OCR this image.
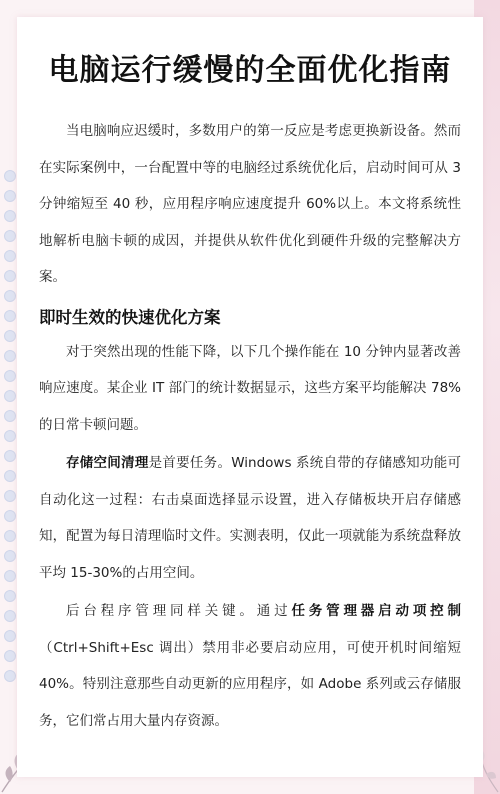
电脑运行缓慢的全面优化指南

当电脑响应迟缓时，多数用户的第一反应是考虑更换新设备。然而在实际案例中，一台配置中等的电脑经过系统优化后，启动时间可从 3 分钟缩短至 40 秒，应用程序响应速度提升 60%以上。本文将系统性地解析电脑卡顿的成因，并提供从软件优化到硬件升级的完整解决方案。

即时生效的快速优化方案

对于突然出现的性能下降，以下几个操作能在 10 分钟内显著改善响应速度。某企业 IT 部门的统计数据显示，这些方案平均能解决 78%的日常卡顿问题。

存储空间清理是首要任务。Windows 系统自带的存储感知功能可自动化这一过程：右击桌面选择显示设置，进入存储板块开启存储感知，配置为每日清理临时文件。实测表明，仅此一项就能为系统盘释放平均 15-30%的占用空间。

后台程序管理同样关键。通过任务管理器启动项控制（Ctrl+Shift+Esc 调出）禁用非必要启动应用，可使开机时间缩短 40%。特别注意那些自动更新的应用程序，如 Adobe 系列或云存储服务，它们常占用大量内存资源。
